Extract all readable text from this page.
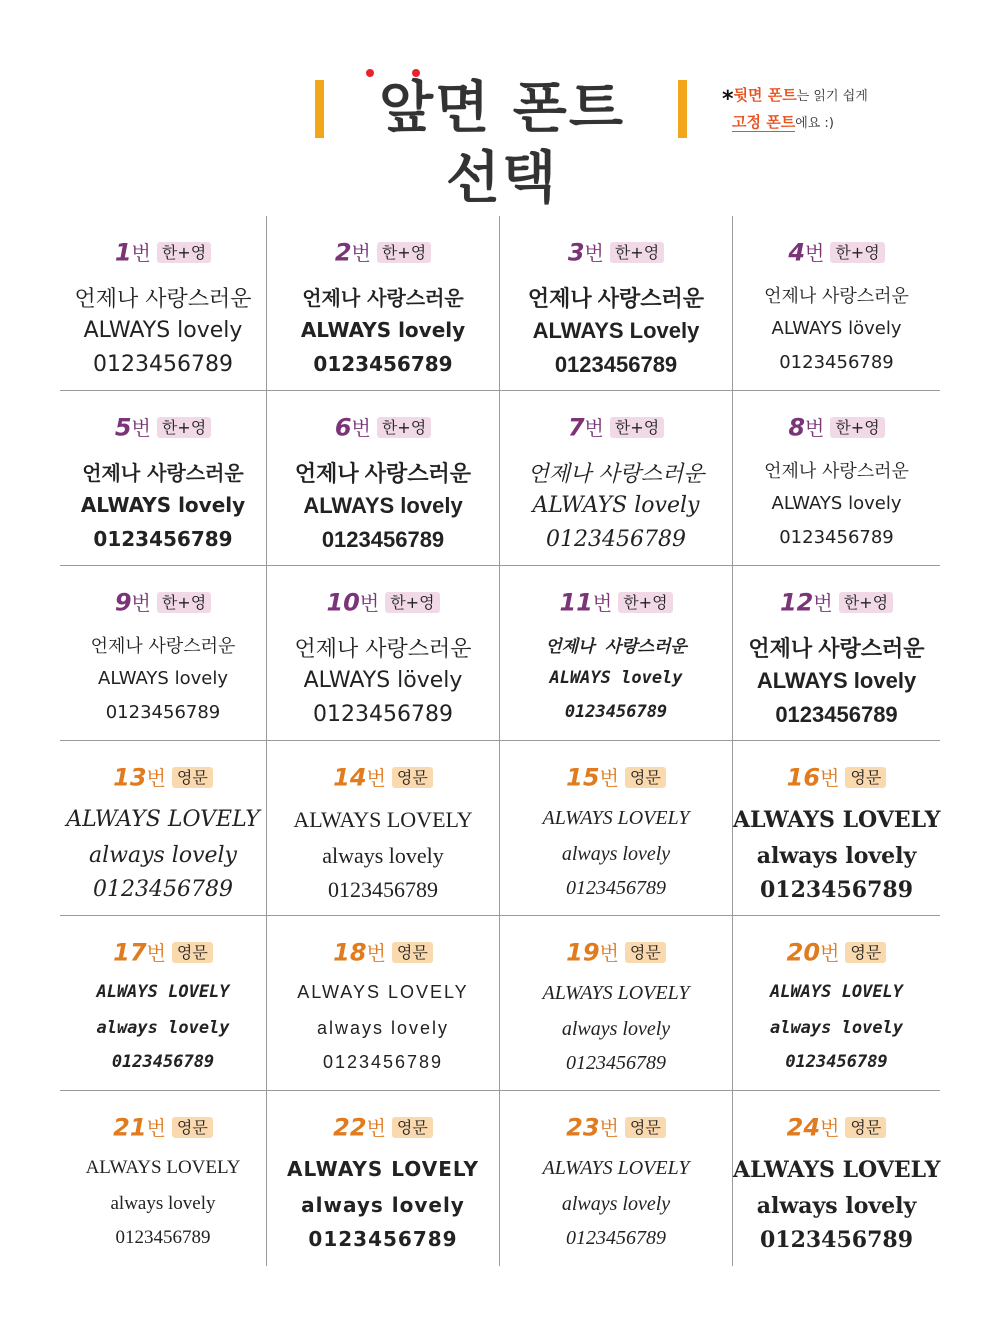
앞면 폰트 선택
*뒷면 폰트는 읽기 쉽게
고정 폰트에요 :)
1번 한+영
언제나 사랑스러운
ALWAYS lovely
0123456789
2번 한+영
언제나 사랑스러운
ALWAYS lovely
0123456789
3번 한+영
언제나 사랑스러운
ALWAYS Lovely
0123456789
4번 한+영
언제나 사랑스러운
ALWAYS lövely
0123456789
5번 한+영
언제나 사랑스러운
ALWAYS lovely
0123456789
6번 한+영
언제나 사랑스러운
ALWAYS lovely
0123456789
7번 한+영
언제나 사랑스러운
ALWAYS lovely
0123456789
8번 한+영
언제나 사랑스러운
ALWAYS lovely
0123456789
9번 한+영
언제나 사랑스러운
ALWAYS lovely
0123456789
10번 한+영
언제나 사랑스러운
ALWAYS lövely
0123456789
11번 한+영
언제나 사랑스러운
ALWAYS lovely
0123456789
12번 한+영
언제나 사랑스러운
ALWAYS lovely
0123456789
13번 영문
ALWAYS LOVELY
always lovely
0123456789
14번 영문
ALWAYS LOVELY
always lovely
0123456789
15번 영문
ALWAYS LOVELY
always lovely
0123456789
16번 영문
ALWAYS LOVELY
always lovely
0123456789
17번 영문
ALWAYS LOVELY
always lovely
0123456789
18번 영문
ALWAYS LOVELY
always lovely
0123456789
19번 영문
ALWAYS LOVELY
always lovely
0123456789
20번 영문
ALWAYS LOVELY
always lovely
0123456789
21번 영문
ALWAYS LOVELY
always lovely
0123456789
22번 영문
ALWAYS LOVELY
always lovely
0123456789
23번 영문
ALWAYS LOVELY
always lovely
0123456789
24번 영문
ALWAYS LOVELY
always lovely
0123456789
